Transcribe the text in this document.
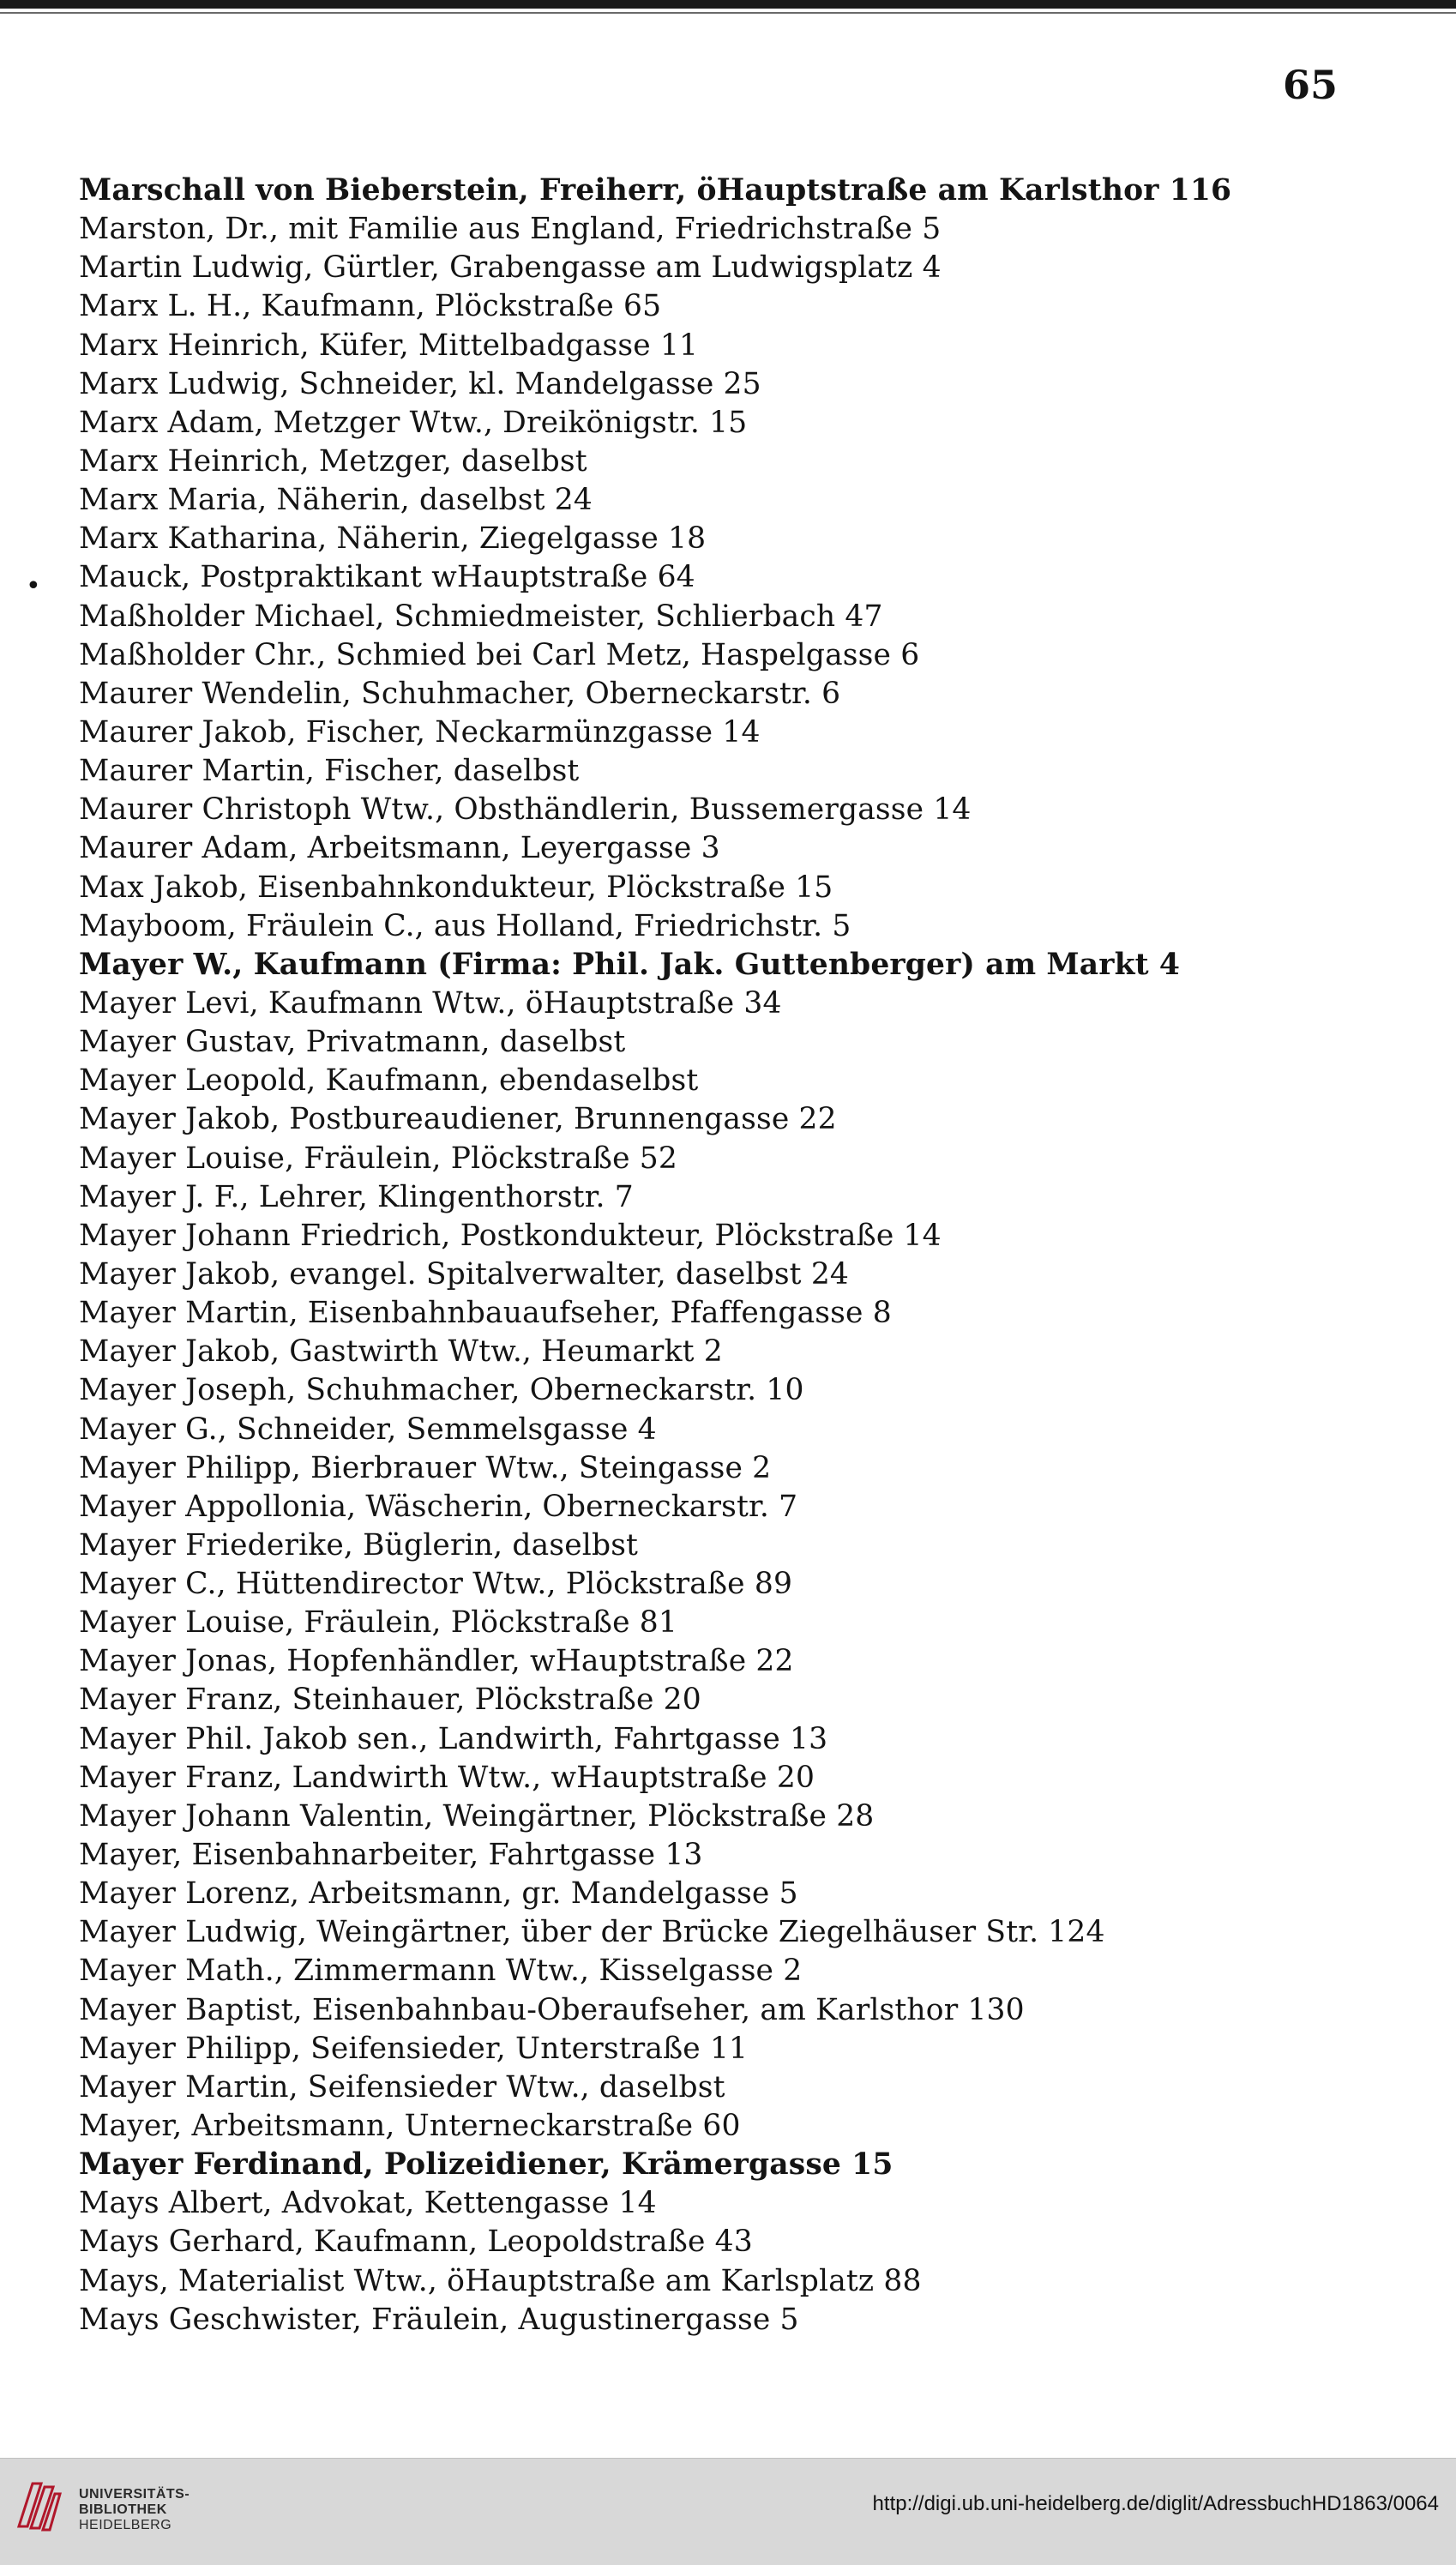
65
•
Marschall von Bieberstein, Freiherr, öHauptstraße am Karlsthor 116
Marston, Dr., mit Familie aus England, Friedrichstraße 5
Martin Ludwig, Gürtler, Grabengasse am Ludwigsplatz 4
Marx L. H., Kaufmann, Plöckstraße 65
Marx Heinrich, Küfer, Mittelbadgasse 11
Marx Ludwig, Schneider, kl. Mandelgasse 25
Marx Adam, Metzger Wtw., Dreikönigstr. 15
Marx Heinrich, Metzger, daselbst
Marx Maria, Näherin, daselbst 24
Marx Katharina, Näherin, Ziegelgasse 18
Mauck, Postpraktikant wHauptstraße 64
Maßholder Michael, Schmiedmeister, Schlierbach 47
Maßholder Chr., Schmied bei Carl Metz, Haspelgasse 6
Maurer Wendelin, Schuhmacher, Oberneckarstr. 6
Maurer Jakob, Fischer, Neckarmünzgasse 14
Maurer Martin, Fischer, daselbst
Maurer Christoph Wtw., Obsthändlerin, Bussemergasse 14
Maurer Adam, Arbeitsmann, Leyergasse 3
Max Jakob, Eisenbahnkondukteur, Plöckstraße 15
Mayboom, Fräulein C., aus Holland, Friedrichstr. 5
Mayer W., Kaufmann (Firma: Phil. Jak. Guttenberger) am Markt 4
Mayer Levi, Kaufmann Wtw., öHauptstraße 34
Mayer Gustav, Privatmann, daselbst
Mayer Leopold, Kaufmann, ebendaselbst
Mayer Jakob, Postbureaudiener, Brunnengasse 22
Mayer Louise, Fräulein, Plöckstraße 52
Mayer J. F., Lehrer, Klingenthorstr. 7
Mayer Johann Friedrich, Postkondukteur, Plöckstraße 14
Mayer Jakob, evangel. Spitalverwalter, daselbst 24
Mayer Martin, Eisenbahnbauaufseher, Pfaffengasse 8
Mayer Jakob, Gastwirth Wtw., Heumarkt 2
Mayer Joseph, Schuhmacher, Oberneckarstr. 10
Mayer G., Schneider, Semmelsgasse 4
Mayer Philipp, Bierbrauer Wtw., Steingasse 2
Mayer Appollonia, Wäscherin, Oberneckarstr. 7
Mayer Friederike, Büglerin, daselbst
Mayer C., Hüttendirector Wtw., Plöckstraße 89
Mayer Louise, Fräulein, Plöckstraße 81
Mayer Jonas, Hopfenhändler, wHauptstraße 22
Mayer Franz, Steinhauer, Plöckstraße 20
Mayer Phil. Jakob sen., Landwirth, Fahrtgasse 13
Mayer Franz, Landwirth Wtw., wHauptstraße 20
Mayer Johann Valentin, Weingärtner, Plöckstraße 28
Mayer, Eisenbahnarbeiter, Fahrtgasse 13
Mayer Lorenz, Arbeitsmann, gr. Mandelgasse 5
Mayer Ludwig, Weingärtner, über der Brücke Ziegelhäuser Str. 124
Mayer Math., Zimmermann Wtw., Kisselgasse 2
Mayer Baptist, Eisenbahnbau-Oberaufseher, am Karlsthor 130
Mayer Philipp, Seifensieder, Unterstraße 11
Mayer Martin, Seifensieder Wtw., daselbst
Mayer, Arbeitsmann, Unterneckarstraße 60
Mayer Ferdinand, Polizeidiener, Krämergasse 15
Mays Albert, Advokat, Kettengasse 14
Mays Gerhard, Kaufmann, Leopoldstraße 43
Mays, Materialist Wtw., öHauptstraße am Karlsplatz 88
Mays Geschwister, Fräulein, Augustinergasse 5
UNIVERSITÄTS-
BIBLIOTHEK
HEIDELBERG
http://digi.ub.uni-heidelberg.de/diglit/AdressbuchHD1863/0064
